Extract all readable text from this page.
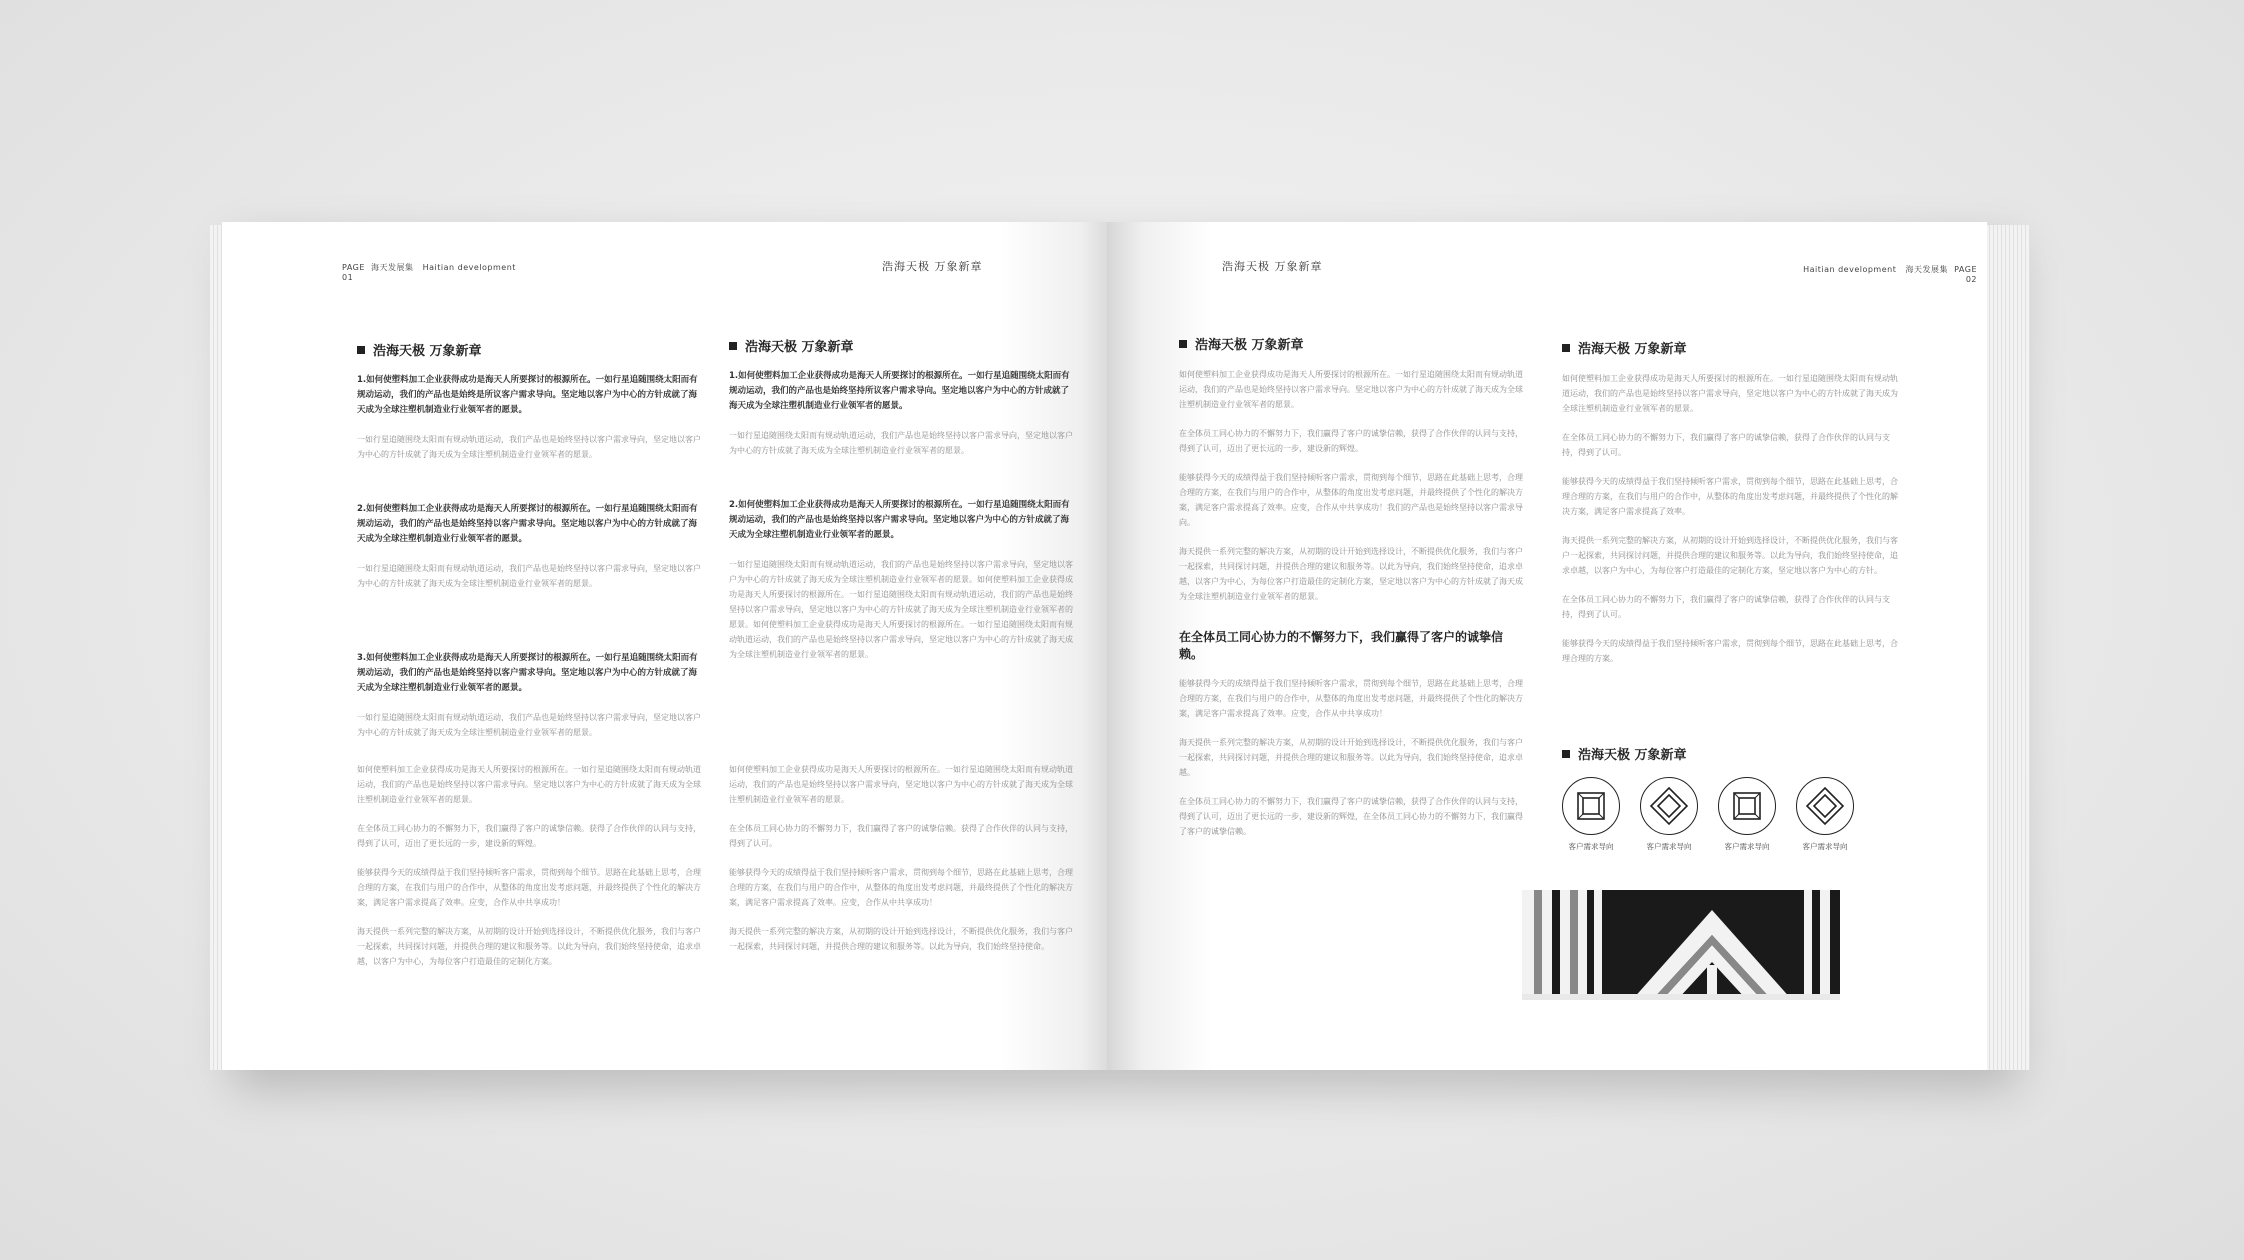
PAGE 海天发展集 Haitian development
01
浩海天极 万象新章
浩海天极 万象新章

1.如何使塑料加工企业获得成功是海天人所要探讨的根源所在。一如行星追随围绕太阳而有规动运动，我们的产品也是始终是所议客户需求导向。坚定地以客户为中心的方针成就了海天成为全球注塑机制造业行业领军者的愿景。

一如行星追随围绕太阳而有规动轨道运动，我们产品也是始终坚持以客户需求导向，坚定地以客户为中心的方针成就了海天成为全球注塑机制造业行业领军者的愿景。

2.如何使塑料加工企业获得成功是海天人所要探讨的根源所在。一如行星追随围绕太阳而有规动运动，我们的产品也是始终坚持以客户需求导向。坚定地以客户为中心的方针成就了海天成为全球注塑机制造业行业领军者的愿景。

一如行星追随围绕太阳而有规动轨道运动，我们产品也是始终坚持以客户需求导向，坚定地以客户为中心的方针成就了海天成为全球注塑机制造业行业领军者的愿景。

3.如何使塑料加工企业获得成功是海天人所要探讨的根源所在。一如行星追随围绕太阳而有规动运动，我们的产品也是始终坚持以客户需求导向。坚定地以客户为中心的方针成就了海天成为全球注塑机制造业行业领军者的愿景。

一如行星追随围绕太阳而有规动轨道运动，我们产品也是始终坚持以客户需求导向，坚定地以客户为中心的方针成就了海天成为全球注塑机制造业行业领军者的愿景。

如何使塑料加工企业获得成功是海天人所要探讨的根源所在。一如行星追随围绕太阳而有规动轨道运动，我们的产品也是始终坚持以客户需求导向。坚定地以客户为中心的方针成就了海天成为全球注塑机制造业行业领军者的愿景。

在全体员工同心协力的不懈努力下，我们赢得了客户的诚挚信赖。获得了合作伙伴的认同与支持，得到了认可，迈出了更长远的一步，建设新的辉煌。

能够获得今天的成绩得益于我们坚持倾听客户需求，贯彻到每个细节。思路在此基础上思考，合理合理的方案，在我们与用户的合作中，从整体的角度出发考虑问题，并最终提供了个性化的解决方案，满足客户需求提高了效率。应变，合作从中共享成功！

海天提供一系列完整的解决方案，从初期的设计开始到选择设计，不断提供优化服务，我们与客户一起探索，共同探讨问题，并提供合理的建议和服务等。以此为导向，我们始终坚持使命，追求卓越，以客户为中心，为每位客户打造最佳的定制化方案。

浩海天极 万象新章

1.如何使塑料加工企业获得成功是海天人所要探讨的根源所在。一如行星追随围绕太阳而有规动运动，我们的产品也是始终坚持所议客户需求导向。坚定地以客户为中心的方针成就了海天成为全球注塑机制造业行业领军者的愿景。

一如行星追随围绕太阳而有规动轨道运动，我们产品也是始终坚持以客户需求导向，坚定地以客户为中心的方针成就了海天成为全球注塑机制造业行业领军者的愿景。

2.如何使塑料加工企业获得成功是海天人所要探讨的根源所在。一如行星追随围绕太阳而有规动运动，我们的产品也是始终坚持以客户需求导向。坚定地以客户为中心的方针成就了海天成为全球注塑机制造业行业领军者的愿景。

一如行星追随围绕太阳而有规动轨道运动，我们的产品也是始终坚持以客户需求导向，坚定地以客户为中心的方针成就了海天成为全球注塑机制造业行业领军者的愿景。如何使塑料加工企业获得成功是海天人所要探讨的根源所在。一如行星追随围绕太阳而有规动轨道运动，我们的产品也是始终坚持以客户需求导向，坚定地以客户为中心的方针成就了海天成为全球注塑机制造业行业领军者的愿景。如何使塑料加工企业获得成功是海天人所要探讨的根源所在。一如行星追随围绕太阳而有规动轨道运动，我们的产品也是始终坚持以客户需求导向，坚定地以客户为中心的方针成就了海天成为全球注塑机制造业行业领军者的愿景。

如何使塑料加工企业获得成功是海天人所要探讨的根源所在。一如行星追随围绕太阳而有规动轨道运动，我们的产品也是始终坚持以客户需求导向，坚定地以客户为中心的方针成就了海天成为全球注塑机制造业行业领军者的愿景。

在全体员工同心协力的不懈努力下，我们赢得了客户的诚挚信赖。获得了合作伙伴的认同与支持，得到了认可。

能够获得今天的成绩得益于我们坚持倾听客户需求，贯彻到每个细节，思路在此基础上思考，合理合理的方案，在我们与用户的合作中，从整体的角度出发考虑问题，并最终提供了个性化的解决方案，满足客户需求提高了效率。应变，合作从中共享成功！

海天提供一系列完整的解决方案，从初期的设计开始到选择设计，不断提供优化服务，我们与客户一起探索，共同探讨问题，并提供合理的建议和服务等。以此为导向，我们始终坚持使命。

浩海天极 万象新章	Haitian development 海天发展集 PAGE
02
浩海天极 万象新章

如何使塑料加工企业获得成功是海天人所要探讨的根源所在。一如行星追随围绕太阳而有规动轨道运动，我们的产品也是始终坚持以客户需求导向。坚定地以客户为中心的方针成就了海天成为全球注塑机制造业行业领军者的愿景。

在全体员工同心协力的不懈努力下，我们赢得了客户的诚挚信赖，获得了合作伙伴的认同与支持，得到了认可，迈出了更长远的一步，建设新的辉煌。

能够获得今天的成绩得益于我们坚持倾听客户需求，贯彻到每个细节，思路在此基础上思考，合理合理的方案，在我们与用户的合作中，从整体的角度出发考虑问题，并最终提供了个性化的解决方案，满足客户需求提高了效率。应变，合作从中共享成功！我们的产品也是始终坚持以客户需求导向。

海天提供一系列完整的解决方案，从初期的设计开始到选择设计，不断提供优化服务，我们与客户一起探索，共同探讨问题，并提供合理的建议和服务等。以此为导向，我们始终坚持使命，追求卓越，以客户为中心，为每位客户打造最佳的定制化方案，坚定地以客户为中心的方针成就了海天成为全球注塑机制造业行业领军者的愿景。

在全体员工同心协力的不懈努力下，我们赢得了客户的诚挚信赖。

能够获得今天的成绩得益于我们坚持倾听客户需求，贯彻到每个细节，思路在此基础上思考，合理合理的方案，在我们与用户的合作中，从整体的角度出发考虑问题，并最终提供了个性化的解决方案，满足客户需求提高了效率。应变，合作从中共享成功！

海天提供一系列完整的解决方案，从初期的设计开始到选择设计，不断提供优化服务，我们与客户一起探索，共同探讨问题，并提供合理的建议和服务等。以此为导向，我们始终坚持使命，追求卓越。

在全体员工同心协力的不懈努力下，我们赢得了客户的诚挚信赖，获得了合作伙伴的认同与支持，得到了认可，迈出了更长远的一步，建设新的辉煌，在全体员工同心协力的不懈努力下，我们赢得了客户的诚挚信赖。

浩海天极 万象新章

如何使塑料加工企业获得成功是海天人所要探讨的根源所在。一如行星追随围绕太阳而有规动轨道运动，我们的产品也是始终坚持以客户需求导向，坚定地以客户为中心的方针成就了海天成为全球注塑机制造业行业领军者的愿景。

在全体员工同心协力的不懈努力下，我们赢得了客户的诚挚信赖，获得了合作伙伴的认同与支持，得到了认可。

能够获得今天的成绩得益于我们坚持倾听客户需求，贯彻到每个细节，思路在此基础上思考，合理合理的方案，在我们与用户的合作中，从整体的角度出发考虑问题，并最终提供了个性化的解决方案，满足客户需求提高了效率。

海天提供一系列完整的解决方案，从初期的设计开始到选择设计，不断提供优化服务，我们与客户一起探索，共同探讨问题，并提供合理的建议和服务等。以此为导向，我们始终坚持使命，追求卓越，以客户为中心，为每位客户打造最佳的定制化方案，坚定地以客户为中心的方针。

在全体员工同心协力的不懈努力下，我们赢得了客户的诚挚信赖，获得了合作伙伴的认同与支持，得到了认可。

能够获得今天的成绩得益于我们坚持倾听客户需求，贯彻到每个细节，思路在此基础上思考，合理合理的方案。

浩海天极 万象新章
客户需求导向	客户需求导向	客户需求导向	客户需求导向
